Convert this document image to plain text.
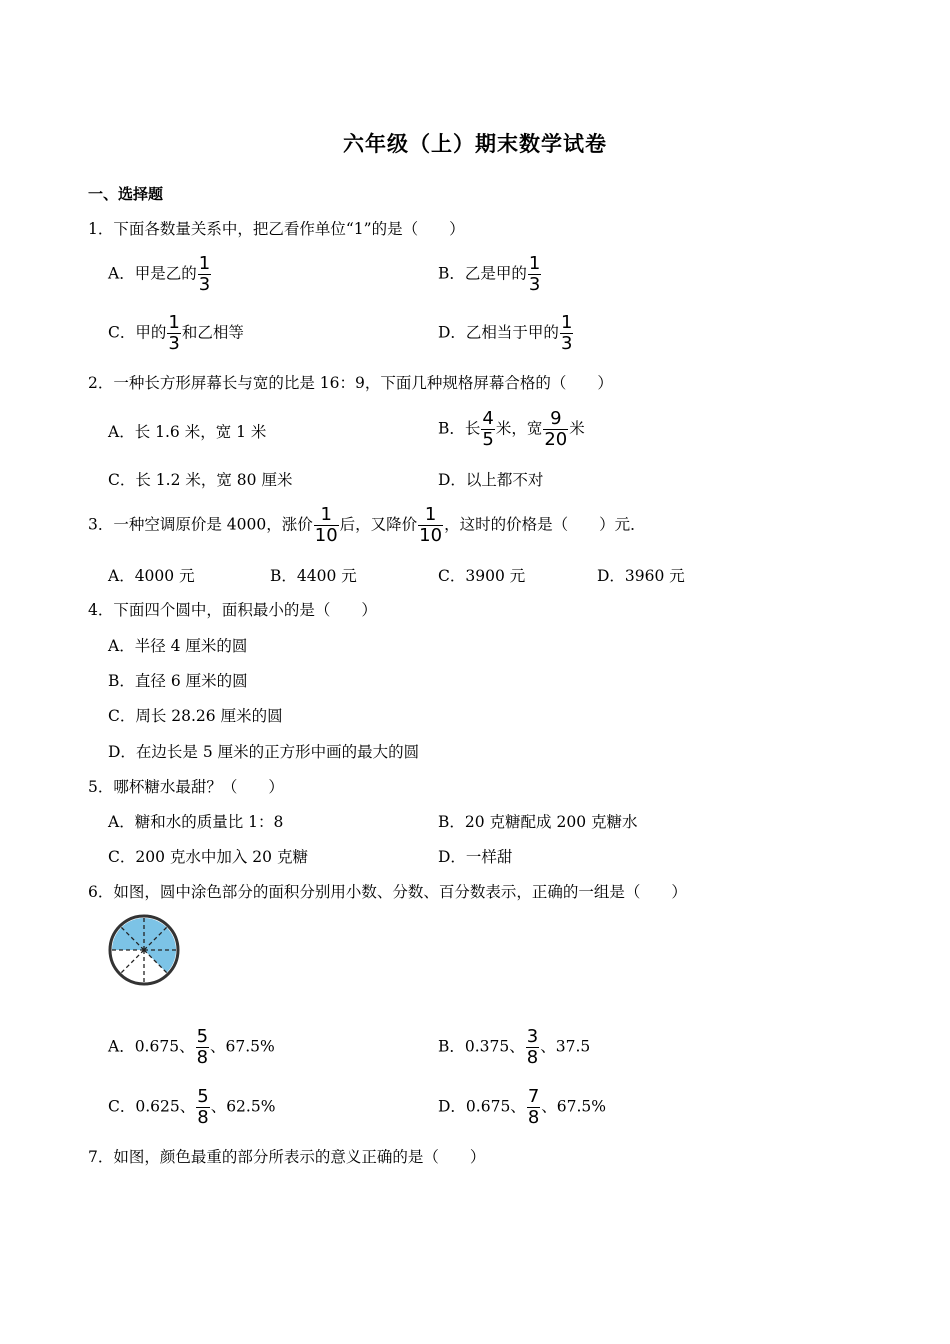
六年级（上）期末数学试卷
一、选择题
1．下面各数量关系中，把乙看作单位“1”的是（　　）
A．甲是乙的 $\frac{1}{3}$	B．乙是甲的 $\frac{1}{3}$
C．甲的 $\frac{1}{3}$ 和乙相等	D．乙相当于甲的 $\frac{1}{3}$
2．一种长方形屏幕长与宽的比是 16：9，下面几种规格屏幕合格的（　　）
A．长 1.6 米，宽 1 米	B．长 $\frac{4}{5}$ 米，宽 $\frac{9}{20}$ 米
C．长 1.2 米，宽 80 厘米	D．以上都不对
3．一种空调原价是 4000，涨价 $\frac{1}{10}$ 后，又降价 $\frac{1}{10}$ ，这时的价格是（　　）元．
A．4000 元	B．4400 元	C．3900 元	D．3960 元
4．下面四个圆中，面积最小的是（　　）
A．半径 4 厘米的圆
B．直径 6 厘米的圆
C．周长 28.26 厘米的圆
D．在边长是 5 厘米的正方形中画的最大的圆
5．哪杯糖水最甜？（　　）
A．糖和水的质量比 1：8	B．20 克糖配成 200 克糖水
C．200 克水中加入 20 克糖	D．一样甜
6．如图，圆中涂色部分的面积分别用小数、分数、百分数表示，正确的一组是（　　）
A．0.675、 $\frac{5}{8}$ 、67.5%	B．0.375、 $\frac{3}{8}$ 、37.5
C．0.625、 $\frac{5}{8}$ 、62.5%	D．0.675、 $\frac{7}{8}$ 、67.5%
7．如图，颜色最重的部分所表示的意义正确的是（　　）
